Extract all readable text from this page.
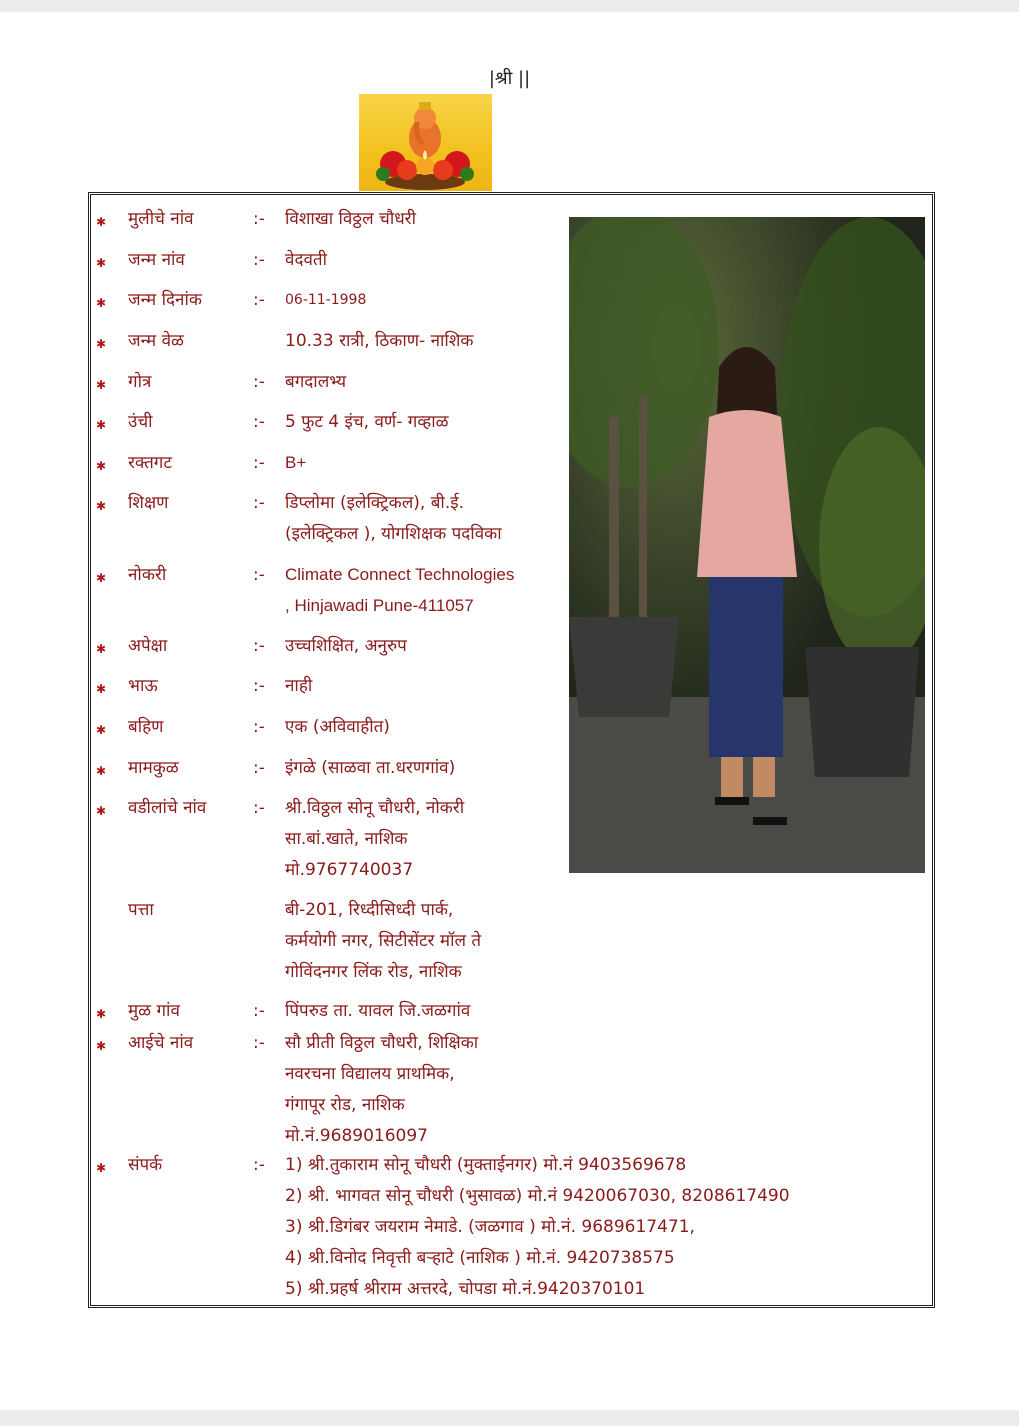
|श्री ||
✱ मुलीचे नांव	:- विशाखा विठ्ठल चौधरी
✱ जन्म नांव	:- वेदवती
✱ जन्म दिनांक	:- 06-11-1998
✱ जन्म वेळ	10.33 रात्री, ठिकाण- नाशिक
✱ गोत्र	:- बगदालभ्य
✱ उंची	:- 5 फुट 4 इंच, वर्ण- गव्हाळ
✱ रक्तगट	:- B+
✱ शिक्षण	:- डिप्लोमा (इलेक्ट्रिकल), बी.ई.
(इलेक्ट्रिकल ), योगशिक्षक पदविका
✱ नोकरी	:- Climate Connect Technologies
, Hinjawadi Pune-411057
✱ अपेक्षा	:- उच्चशिक्षित, अनुरुप
✱ भाऊ	:- नाही
✱ बहिण	:- एक (अविवाहीत)
✱ मामकुळ	:- इंगळे (साळवा ता.धरणगांव)
✱ वडीलांचे नांव	:- श्री.विठ्ठल सोनू चौधरी, नोकरी
सा.बां.खाते, नाशिक
मो.9767740037
पत्ता	बी-201, रिध्दीसिध्दी पार्क,
कर्मयोगी नगर, सिटीसेंटर मॉल ते
गोविंदनगर लिंक रोड, नाशिक
✱ मुळ गांव	:- पिंपरुड ता. यावल जि.जळगांव
✱ आईचे नांव	:- सौ प्रीती विठ्ठल चौधरी, शिक्षिका
नवरचना विद्यालय प्राथमिक,
गंगापूर रोड, नाशिक
मो.नं.9689016097
✱ संपर्क	:- 1) श्री.तुकाराम सोनू चौधरी (मुक्ताईनगर) मो.नं 9403569678
2) श्री. भागवत सोनू चौधरी (भुसावळ) मो.नं 9420067030, 8208617490
3) श्री.डिगंबर जयराम नेमाडे. (जळगाव ) मो.नं. 9689617471,
4) श्री.विनोद निवृत्ती बऱ्हाटे (नाशिक ) मो.नं. 9420738575
5) श्री.प्रहर्ष श्रीराम अत्तरदे, चोपडा मो.नं.9420370101
